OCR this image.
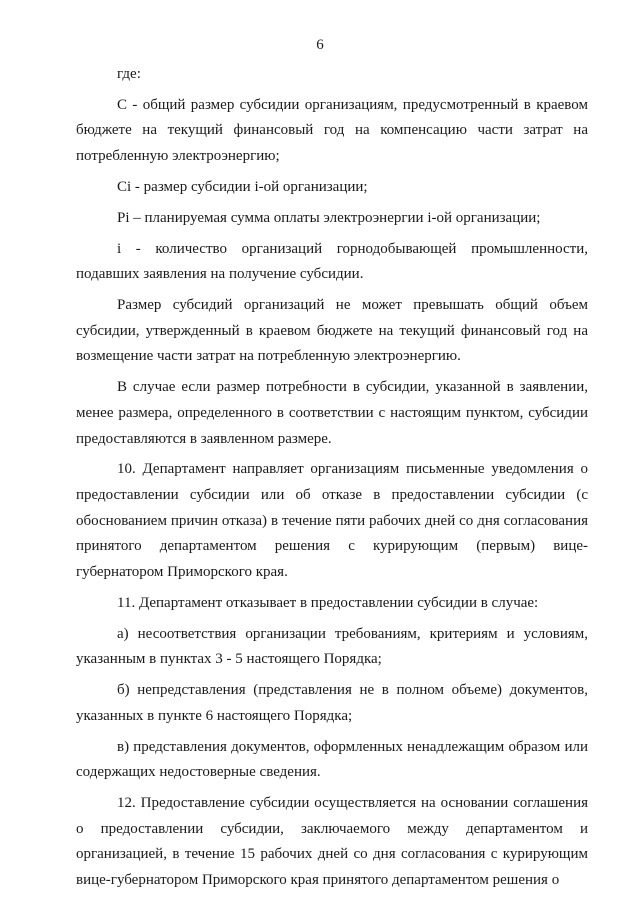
6

где:

С - общий размер субсидии организациям, предусмотренный в краевом бюджете на текущий финансовый год на компенсацию части затрат на потребленную электроэнергию;

Сi - размер субсидии i-ой организации;

Рi – планируемая сумма оплаты электроэнергии i-ой организации;

i - количество организаций горнодобывающей промышленности, подавших заявления на получение субсидии.

Размер субсидий организаций не может превышать общий объем субсидии, утвержденный в краевом бюджете на текущий финансовый год на возмещение части затрат на потребленную электроэнергию.

В случае если размер потребности в субсидии, указанной в заявлении, менее размера, определенного в соответствии с настоящим пунктом, субсидии предоставляются в заявленном размере.

10. Департамент направляет организациям письменные уведомления о предоставлении субсидии или об отказе в предоставлении субсидии (с обоснованием причин отказа) в течение пяти рабочих дней со дня согласования принятого департаментом решения с курирующим (первым) вице-губернатором Приморского края.

11. Департамент отказывает в предоставлении субсидии в случае:

а) несоответствия организации требованиям, критериям и условиям, указанным в пунктах 3 - 5 настоящего Порядка;

б) непредставления (представления не в полном объеме) документов, указанных в пункте 6 настоящего Порядка;

в) представления документов, оформленных ненадлежащим образом или содержащих недостоверные сведения.

12. Предоставление субсидии осуществляется на основании соглашения о предоставлении субсидии, заключаемого между департаментом и организацией, в течение 15 рабочих дней со дня согласования с курирующим вице-губернатором Приморского края принятого департаментом решения о
